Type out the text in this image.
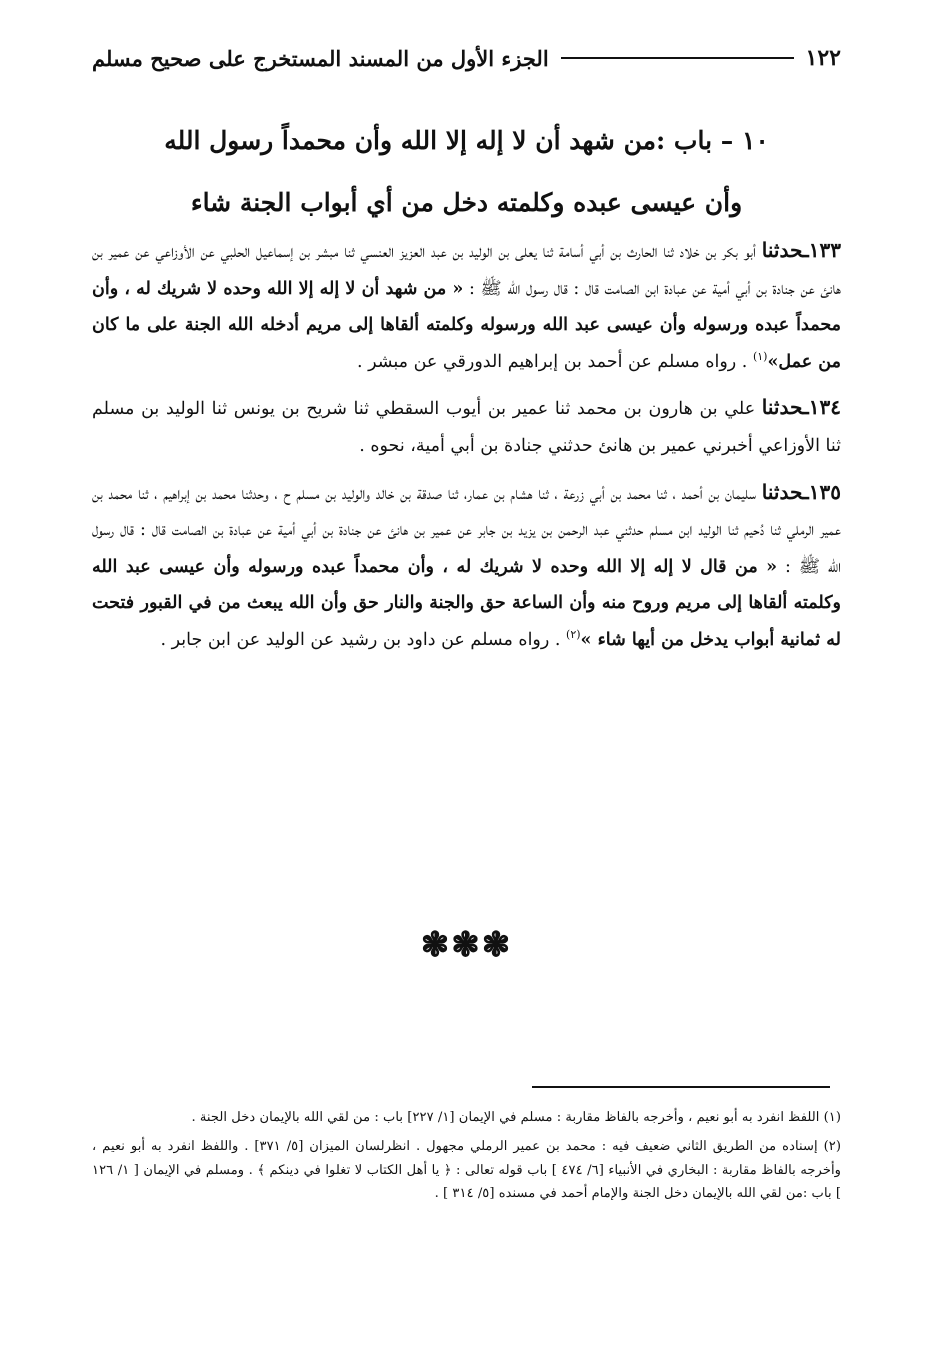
١٢٢
الجزء الأول من المسند المستخرج على صحيح مسلم
١٠ – باب :من شهد أن لا إله إلا الله وأن محمداً رسول الله
وأن عيسى عبده وكلمته دخل من أي أبواب الجنة شاء

١٣٣ـحدثنا أبو بكر بن خلاد ثنا الحارث بن أبي أسامة ثنا يعلى بن الوليد بن عبد العزيز العنسي ثنا مبشر بن إسماعيل الحلبي عن الأوزاعي عن عمير بن هانئ عن جنادة بن أبي أمية عن عبادة ابن الصامت قال : قال رسول الله ﷺ : « من شهد أن لا إله إلا الله وحده لا شريك له ، وأن محمداً عبده ورسوله وأن عيسى عبد الله ورسوله وكلمته ألقاها إلى مريم أدخله الله الجنة على ما كان من عمل»$^{(١)}$ . رواه مسلم عن أحمد بن إبراهيم الدورقي عن مبشر .

١٣٤ـحدثنا علي بن هارون بن محمد ثنا عمير بن أيوب السقطي ثنا شريح بن يونس ثنا الوليد بن مسلم ثنا الأوزاعي أخبرني عمير بن هانئ حدثني جنادة بن أبي أمية، نحوه .

١٣٥ـحدثنا سليمان بن أحمد ، ثنا محمد بن أبي زرعة ، ثنا هشام بن عمار، ثنا صدقة بن خالد والوليد بن مسلم ح ، وحدثنا محمد بن إبراهيم ، ثنا محمد بن عمير الرملي ثنا دُحيم ثنا الوليد ابن مسلم حدثني عبد الرحمن بن يزيد بن جابر عن عمير بن هانئ عن جنادة بن أبي أمية عن عبادة بن الصامت قال : قال رسول الله ﷺ : « من قال لا إله إلا الله وحده لا شريك له ، وأن محمداً عبده ورسوله وأن عيسى عبد الله وكلمته ألقاها إلى مريم وروح منه وأن الساعة حق والجنة والنار حق وأن الله يبعث من في القبور فتحت له ثمانية أبواب يدخل من أيها شاء »$^{(٢)}$ . رواه مسلم عن داود بن رشيد عن الوليد عن ابن جابر .

❃❃❃

(١) اللفظ انفرد به أبو نعيم ، وأخرجه بالفاظ مقاربة : مسلم في الإيمان [١/ ٢٢٧] باب : من لقي الله بالإيمان دخل الجنة .

(٢) إسناده من الطريق الثاني ضعيف فيه : محمد بن عمير الرملي مجهول . انظرلسان الميزان [٥/ ٣٧١] . واللفظ انفرد به أبو نعيم ، وأخرجه بالفاظ مقاربة : البخاري في الأنبياء [٦/ ٤٧٤ ] باب قوله تعالى : ﴿ يا أهل الكتاب لا تغلوا في دينكم ﴾ . ومسلم في الإيمان [ ١/ ١٢٦ ] باب :من لقي الله بالإيمان دخل الجنة والإمام أحمد في مسنده [٥/ ٣١٤ ] .
